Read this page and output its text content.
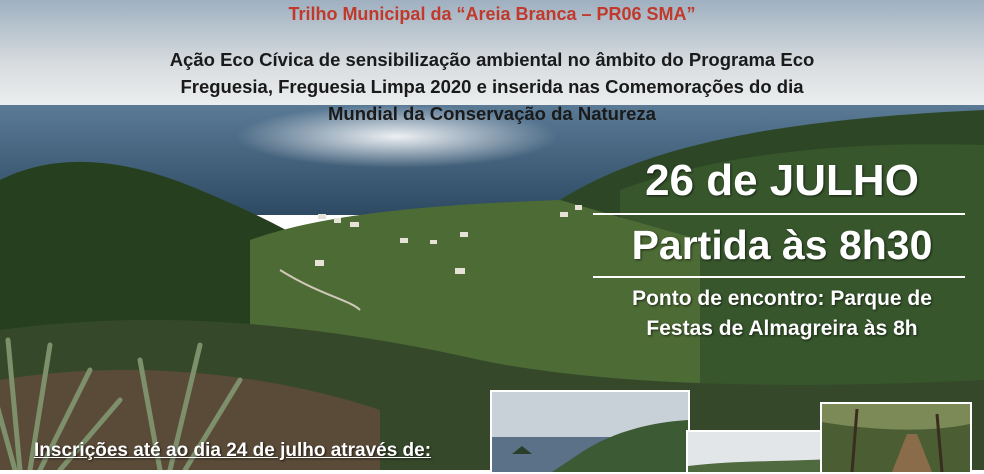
Trilho Municipal da “Areia Branca – PR06 SMA”
Ação Eco Cívica de sensibilização ambiental no âmbito do Programa Eco
Freguesia, Freguesia Limpa 2020 e inserida nas Comemorações do dia
Mundial da Conservação da Natureza
26 de JULHO
Partida às 8h30
Ponto de encontro: Parque de
Festas de Almagreira às 8h
Inscrições até ao dia 24 de julho através de:
